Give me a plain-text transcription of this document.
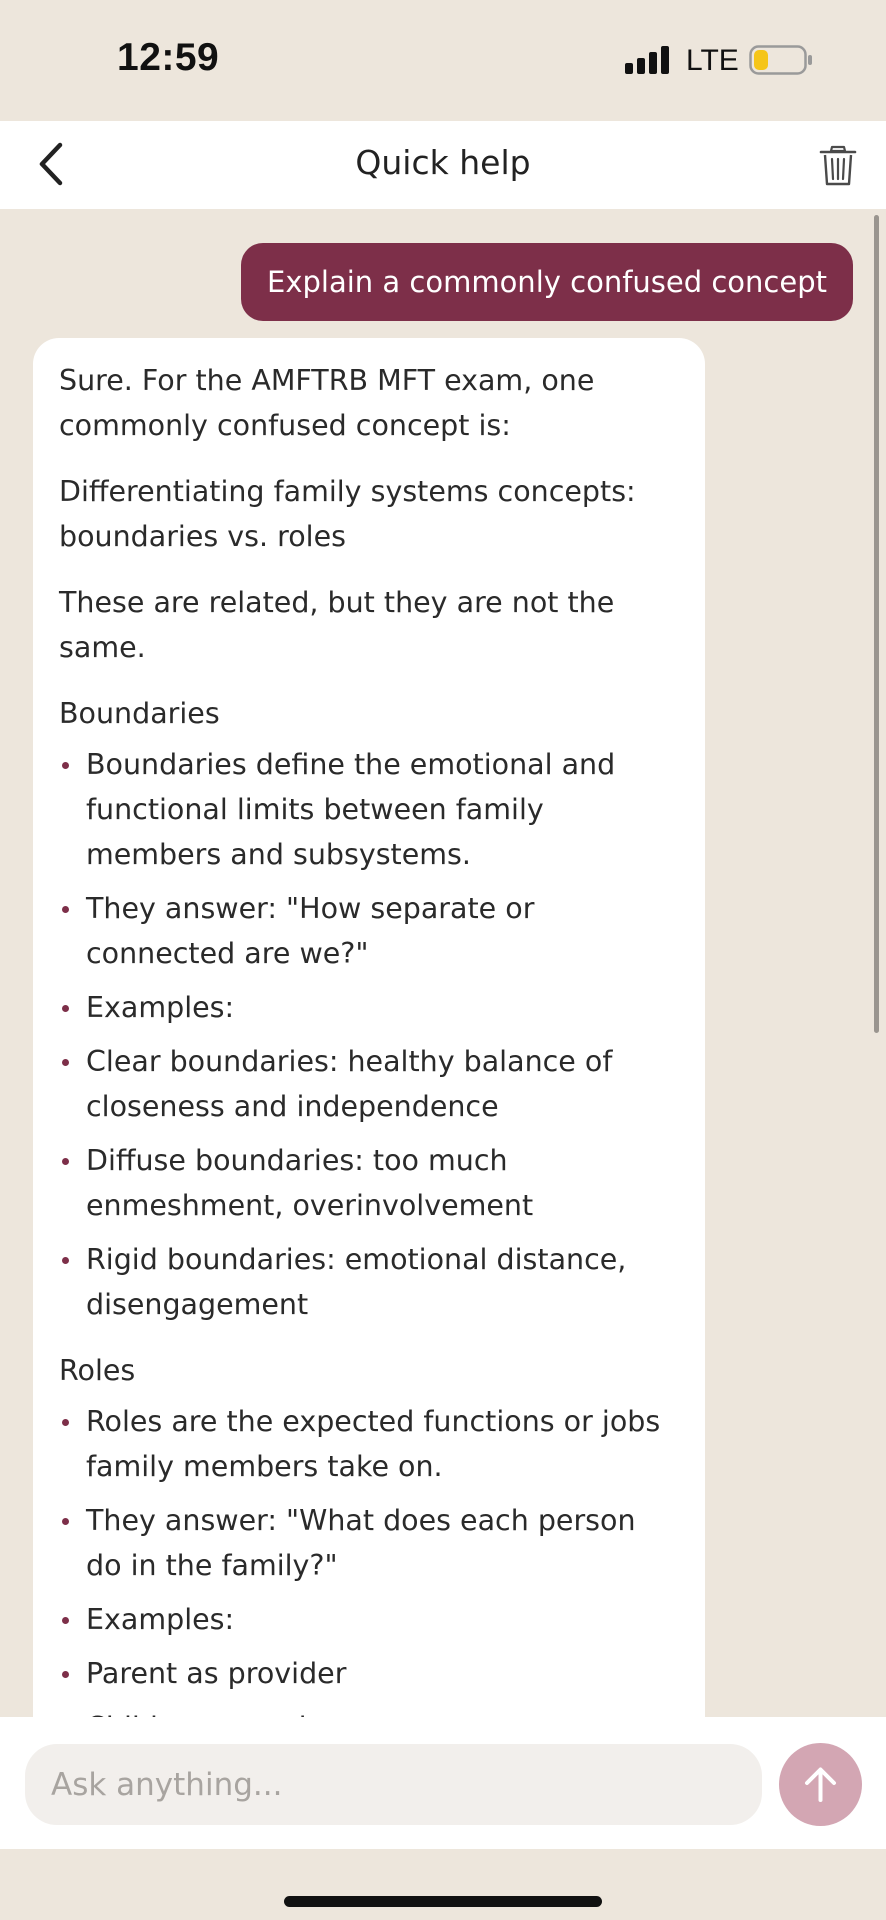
12:59	LTE
Quick help
Explain a commonly confused concept

Sure. For the AMFTRB MFT exam, one commonly confused concept is:

Differentiating family systems concepts: boundaries vs. roles

These are related, but they are not the same.

Boundaries

Boundaries define the emotional and functional limits between family members and subsystems.
They answer: "How separate or connected are we?"
Examples:
Clear boundaries: healthy balance of closeness and independence
Diffuse boundaries: too much enmeshment, overinvolvement
Rigid boundaries: emotional distance, disengagement

Roles

Roles are the expected functions or jobs family members take on.
They answer: "What does each person do in the family?"
Examples:
Parent as provider
Ask anything...
